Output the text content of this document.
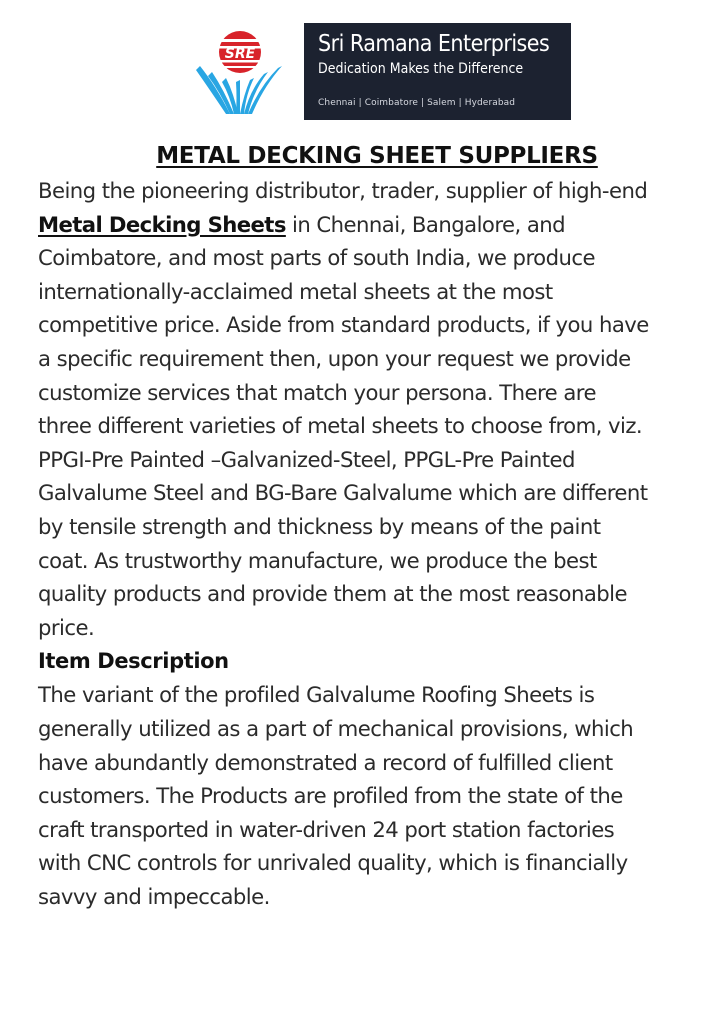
SRE	Sri Ramana Enterprises
Dedication Makes the Difference
Chennai | Coimbatore | Salem | Hyderabad
METAL DECKING SHEET SUPPLIERS
Being the pioneering distributor, trader, supplier of high-end
Metal Decking Sheets in Chennai, Bangalore, and
Coimbatore, and most parts of south India, we produce
internationally-acclaimed metal sheets at the most
competitive price. Aside from standard products, if you have
a specific requirement then, upon your request we provide
customize services that match your persona. There are
three different varieties of metal sheets to choose from, viz.
PPGI-Pre Painted –Galvanized-Steel, PPGL-Pre Painted
Galvalume Steel and BG-Bare Galvalume which are different
by tensile strength and thickness by means of the paint
coat. As trustworthy manufacture, we produce the best
quality products and provide them at the most reasonable
price.
Item Description
The variant of the profiled Galvalume Roofing Sheets is
generally utilized as a part of mechanical provisions, which
have abundantly demonstrated a record of fulfilled client
customers. The Products are profiled from the state of the
craft transported in water-driven 24 port station factories
with CNC controls for unrivaled quality, which is financially
savvy and impeccable.
